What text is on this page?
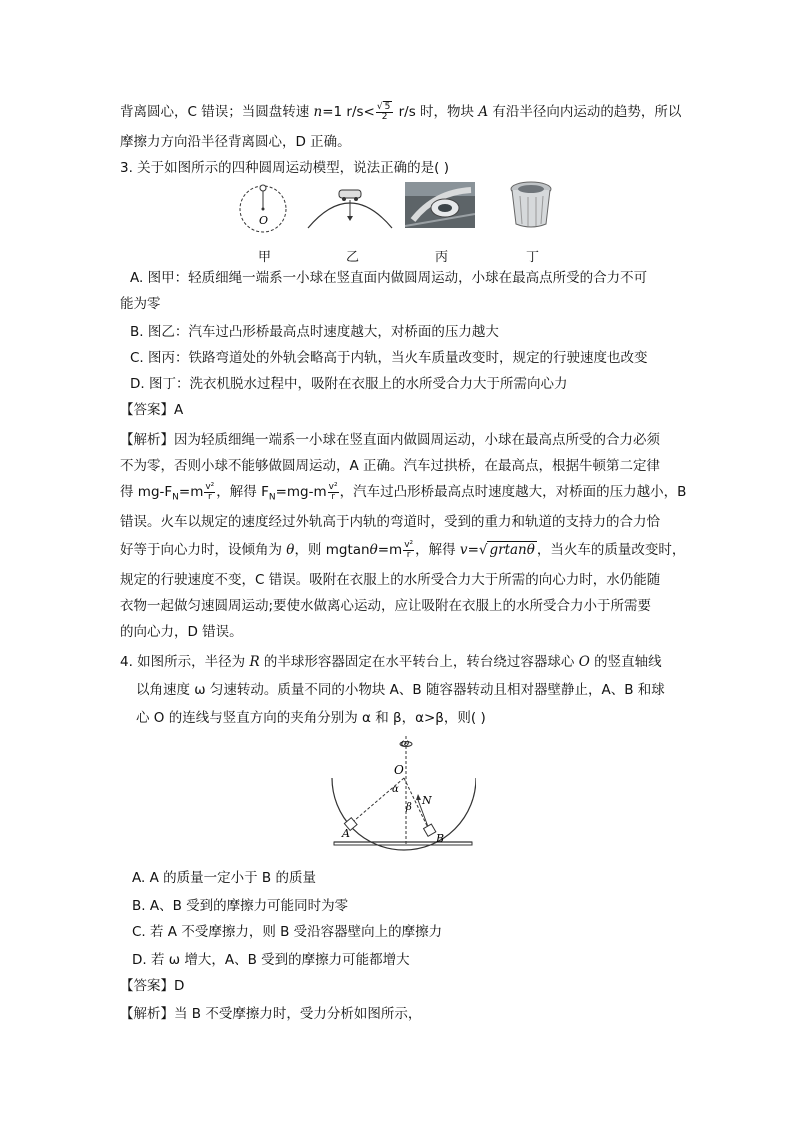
背离圆心，C 错误；当圆盘转速 n=1 $r/s< \frac{√ 5}{2} r/s$ 时，物块 A 有沿半径向内运动的趋势，所以
摩擦力方向沿半径背离圆心，D 正确。
3. 关于如图所示的四种圆周运动模型，说法正确的是( )
O
甲	乙	丙	丁
A. 图甲：轻质细绳一端系一小球在竖直面内做圆周运动，小球在最高点所受的合力不可
能为零
B. 图乙：汽车过凸形桥最高点时速度越大，对桥面的压力越大
C. 图丙：铁路弯道处的外轨会略高于内轨，当火车质量改变时，规定的行驶速度也改变
D. 图丁：洗衣机脱水过程中，吸附在衣服上的水所受合力大于所需向心力
【答案】A
【解析】因为轻质细绳一端系一小球在竖直面内做圆周运动，小球在最高点所受的合力必须
不为零，否则小球不能够做圆周运动，A 正确。汽车过拱桥，在最高点，根据牛顿第二定律
得 $mg-F_N=m \frac{\text{v²}}{r}$ ，解得 $F_N=mg-m \frac{\text{v²}}{r}$ ，汽车过凸形桥最高点时速度越大，对桥面的压力越小，B
错误。火车以规定的速度经过外轨高于内轨的弯道时，受到的重力和轨道的支持力的合力恰
好等于向心力时，设倾角为 θ，则 $mgtan\theta=m \frac{\text{v²}}{r}$ ，解得 v=√ grtanθ ，当火车的质量改变时，
规定的行驶速度不变，C 错误。吸附在衣服上的水所受合力大于所需的向心力时，水仍能随
衣物一起做匀速圆周运动;要使水做离心运动，应让吸附在衣服上的水所受合力小于所需要
的向心力，D 错误。
4. 如图所示，半径为 R 的半球形容器固定在水平转台上，转台绕过容器球心 O 的竖直轴线
以角速度 ω 匀速转动。质量不同的小物块 A、B 随容器转动且相对器壁静止，A、B 和球
心 O 的连线与竖直方向的夹角分别为 α 和 β，α>β，则( )
ω
O
α
β
N
A	B
A. A 的质量一定小于 B 的质量
B. A、B 受到的摩擦力可能同时为零
C. 若 A 不受摩擦力，则 B 受沿容器壁向上的摩擦力
D. 若 ω 增大，A、B 受到的摩擦力可能都增大
【答案】D
【解析】当 B 不受摩擦力时，受力分析如图所示，
